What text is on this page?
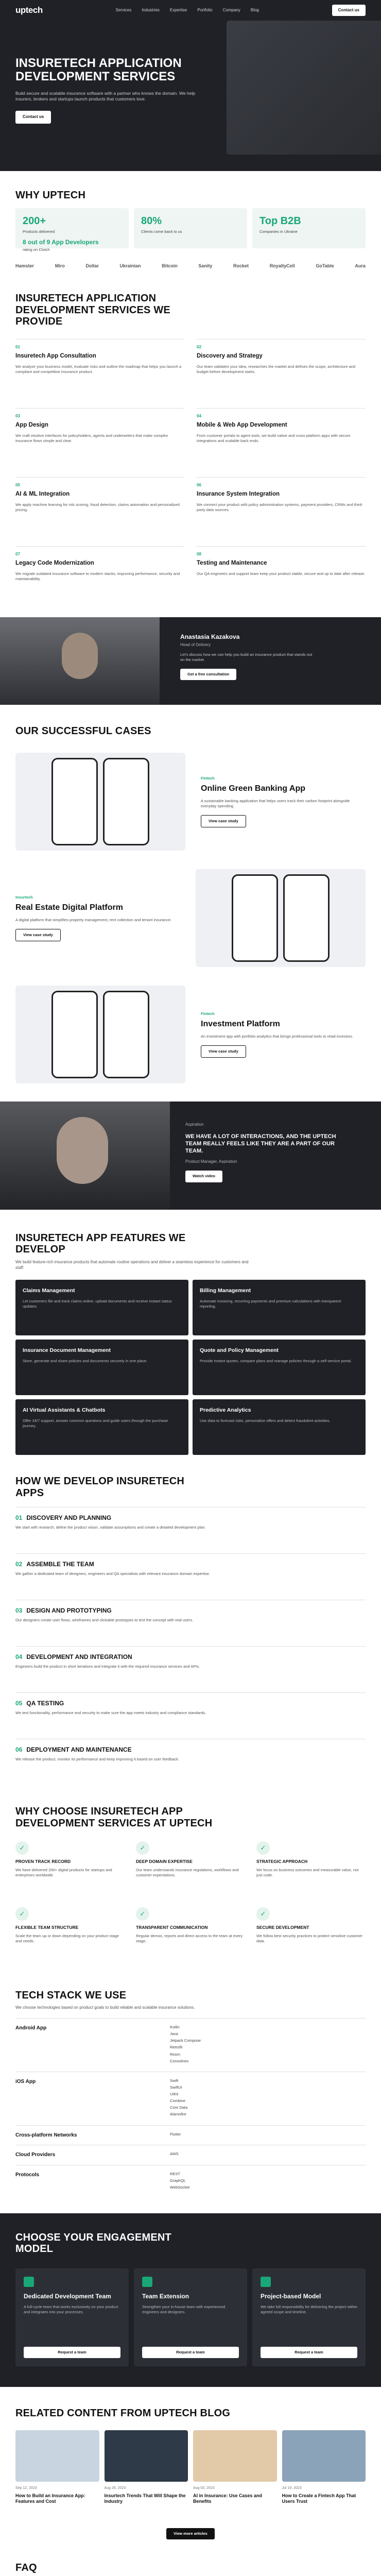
uptech	Services	Industries	Expertise	Portfolio	Company	Blog	Contact us
INSURETECH APPLICATION DEVELOPMENT SERVICES

Build secure and scalable insurance software with a partner who knows the domain. We help insurers, brokers and startups launch products that customers love.

Contact us
WHY UPTECH
200+
Products delivered
8 out of 9 App Developers
rating on Clutch
80%
Clients come back to us
Top B2B
Companies in Ukraine
Hamster	Miro	Dollar	Ukrainian	Bitcoin	Sanity	Rocket	RoyaltyCell	GoTable	Aura
INSURETECH APPLICATION DEVELOPMENT SERVICES WE PROVIDE
01
Insuretech App Consultation

We analyze your business model, evaluate risks and outline the roadmap that helps you launch a compliant and competitive insurance product.

02
Discovery and Strategy

Our team validates your idea, researches the market and defines the scope, architecture and budget before development starts.

03
App Design

We craft intuitive interfaces for policyholders, agents and underwriters that make complex insurance flows simple and clear.

04
Mobile & Web App Development

From customer portals to agent tools, we build native and cross-platform apps with secure integrations and scalable back ends.

05
AI & ML Integration

We apply machine learning for risk scoring, fraud detection, claims automation and personalized pricing.

06
Insurance System Integration

We connect your product with policy administration systems, payment providers, CRMs and third-party data sources.

07
Legacy Code Modernization

We migrate outdated insurance software to modern stacks, improving performance, security and maintainability.

08
Testing and Maintenance

Our QA engineers and support team keep your product stable, secure and up to date after release.

Anastasia Kazakova
Head of Delivery

Let’s discuss how we can help you build an insurance product that stands out on the market.

Get a free consultation
OUR SUCCESSFUL CASES
Fintech
Online Green Banking App

A sustainable banking application that helps users track their carbon footprint alongside everyday spending.

View case study
Insurtech
Real Estate Digital Platform

A digital platform that simplifies property management, rent collection and tenant insurance.

View case study
Fintech
Investment Platform

An investment app with portfolio analytics that brings professional tools to retail investors.

View case study
Aspiration
WE HAVE A LOT OF INTERACTIONS, AND THE UPTECH TEAM REALLY FEELS LIKE THEY ARE A PART OF OUR TEAM.
Product Manager, Aspiration
Watch video
INSURETECH APP FEATURES WE DEVELOP

We build feature-rich insurance products that automate routine operations and deliver a seamless experience for customers and staff.

Claims Management

Let customers file and track claims online, upload documents and receive instant status updates.

Billing Management

Automate invoicing, recurring payments and premium calculations with transparent reporting.

Insurance Document Management

Store, generate and share policies and documents securely in one place.

Quote and Policy Management

Provide instant quotes, compare plans and manage policies through a self-service portal.

AI Virtual Assistants & Chatbots

Offer 24/7 support, answer common questions and guide users through the purchase journey.

Predictive Analytics

Use data to forecast risks, personalize offers and detect fraudulent activities.

HOW WE DEVELOP INSURETECH APPS
01 DISCOVERY AND PLANNING

We start with research, define the product vision, validate assumptions and create a detailed development plan.

02 ASSEMBLE THE TEAM

We gather a dedicated team of designers, engineers and QA specialists with relevant insurance domain expertise.

03 DESIGN AND PROTOTYPING

Our designers create user flows, wireframes and clickable prototypes to test the concept with real users.

04 DEVELOPMENT AND INTEGRATION

Engineers build the product in short iterations and integrate it with the required insurance services and APIs.

05 QA TESTING

We test functionality, performance and security to make sure the app meets industry and compliance standards.

06 DEPLOYMENT AND MAINTENANCE

We release the product, monitor its performance and keep improving it based on user feedback.

WHY CHOOSE INSURETECH APP DEVELOPMENT SERVICES AT UPTECH
✓
PROVEN TRACK RECORD

We have delivered 200+ digital products for startups and enterprises worldwide.

✓
DEEP DOMAIN EXPERTISE

Our team understands insurance regulations, workflows and customer expectations.

✓
STRATEGIC APPROACH

We focus on business outcomes and measurable value, not just code.

✓
FLEXIBLE TEAM STRUCTURE

Scale the team up or down depending on your product stage and needs.

✓
TRANSPARENT COMMUNICATION

Regular demos, reports and direct access to the team at every stage.

✓
SECURE DEVELOPMENT

We follow best security practices to protect sensitive customer data.

TECH STACK WE USE

We choose technologies based on product goals to build reliable and scalable insurance solutions.

Android App	Kotlin
Java
Jetpack Compose
Retrofit
Room
Coroutines
iOS App	Swift
SwiftUI
UIKit
Combine
Core Data
Alamofire
Cross-platform Networks	Flutter
Cloud Providers	AWS
Protocols	REST
GraphQL
WebSocket
CHOOSE YOUR ENGAGEMENT MODEL
Dedicated Development Team

A full-cycle team that works exclusively on your product and integrates into your processes.

Request a team
Team Extension

Strengthen your in-house team with experienced engineers and designers.

Request a team
Project-based Model

We take full responsibility for delivering the project within agreed scope and timeline.

Request a team
RELATED CONTENT FROM UPTECH BLOG
Sep 12, 2023
How to Build an Insurance App: Features and Cost
Aug 28, 2023
Insurtech Trends That Will Shape the Industry
Aug 03, 2023
AI in Insurance: Use Cases and Benefits
Jul 19, 2023
How to Create a Fintech App That Users Trust
View more articles
FAQ
